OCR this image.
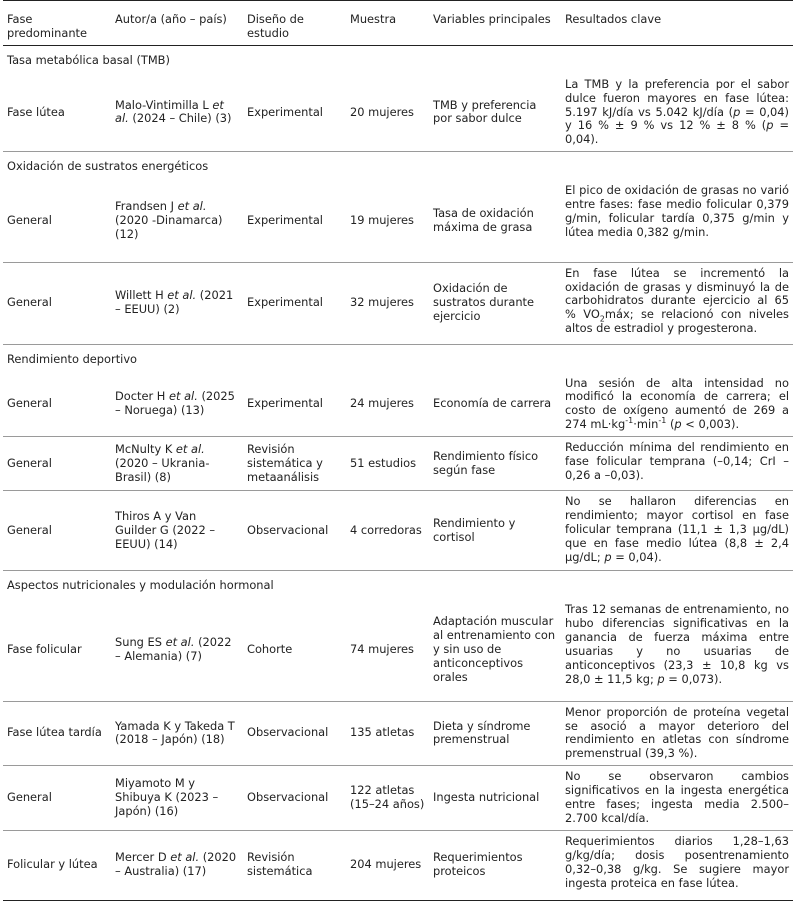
Fase predominante	Autor/a (año – país)	Diseño de estudio	Muestra	Variables principales	Resultados clave
Tasa metabólica basal (TMB)					
Fase lútea	Malo-Vintimilla L et al. (2024 – Chile) (3)	Experimental	20 mujeres	TMB y preferencia por sabor dulce	La TMB y la preferencia por el sabor dulce fueron mayores en fase lútea: 5.197 kJ/día vs 5.042 kJ/día (p = 0,04) y 16 % ± 9 % vs 12 % ± 8 % (p = 0,04).
Oxidación de sustratos energéticos					
General	Frandsen J et al. (2020 -Dinamarca) (12)	Experimental	19 mujeres	Tasa de oxidación máxima de grasa	El pico de oxidación de grasas no varió entre fases: fase medio folicular 0,379 g/min, folicular tardía 0,375 g/min y lútea media 0,382 g/min.
General	Willett H et al. (2021 – EEUU) (2)	Experimental	32 mujeres	Oxidación de sustratos durante ejercicio	En fase lútea se incrementó la oxidación de grasas y disminuyó la de carbohidratos durante ejercicio al 65 % $VO_2máx$; se relacionó con niveles altos de estradiol y progesterona.
Rendimiento deportivo					
General	Docter H et al. (2025 – Noruega) (13)	Experimental	24 mujeres	Economía de carrera	Una sesión de alta intensidad no modificó la economía de carrera; el costo de oxígeno aumentó de 269 a 274 $mL\cdot kg^{-1}\cdot\min^{-1}$ (p < 0,003).
General	McNulty K et al. (2020 – Ukrania-Brasil) (8)	Revisión sistemática y metaanálisis	51 estudios	Rendimiento físico según fase	Reducción mínima del rendimiento en fase folicular temprana (–0,14; CrI –0,26 a –0,03).
General	Thiros A y Van Guilder G (2022 – EEUU) (14)	Observacional	4 corredoras	Rendimiento y cortisol	No se hallaron diferencias en rendimiento; mayor cortisol en fase folicular temprana (11,1 ± 1,3 µg/dL) que en fase medio lútea (8,8 ± 2,4 µg/dL; p = 0,04).
Aspectos nutricionales y modulación hormonal					
Fase folicular	Sung ES et al. (2022 – Alemania) (7)	Cohorte	74 mujeres	Adaptación muscular al entrenamiento con y sin uso de anticonceptivos orales	Tras 12 semanas de entrenamiento, no hubo diferencias significativas en la ganancia de fuerza máxima entre usuarias y no usuarias de anticonceptivos (23,3 ± 10,8 kg vs 28,0 ± 11,5 kg; p = 0,073).
Fase lútea tardía	Yamada K y Takeda T (2018 – Japón) (18)	Observacional	135 atletas	Dieta y síndrome premenstrual	Menor proporción de proteína vegetal se asoció a mayor deterioro del rendimiento en atletas con síndrome premenstrual (39,3 %).
General	Miyamoto M y Shibuya K (2023 – Japón) (16)	Observacional	122 atletas (15–24 años)	Ingesta nutricional	No se observaron cambios significativos en la ingesta energética entre fases; ingesta media 2.500–2.700 kcal/día.
Folicular y lútea	Mercer D et al. (2020 – Australia) (17)	Revisión sistemática	204 mujeres	Requerimientos proteicos	Requerimientos diarios 1,28–1,63 g/kg/día; dosis posentrenamiento 0,32–0,38 g/kg. Se sugiere mayor ingesta proteica en fase lútea.
